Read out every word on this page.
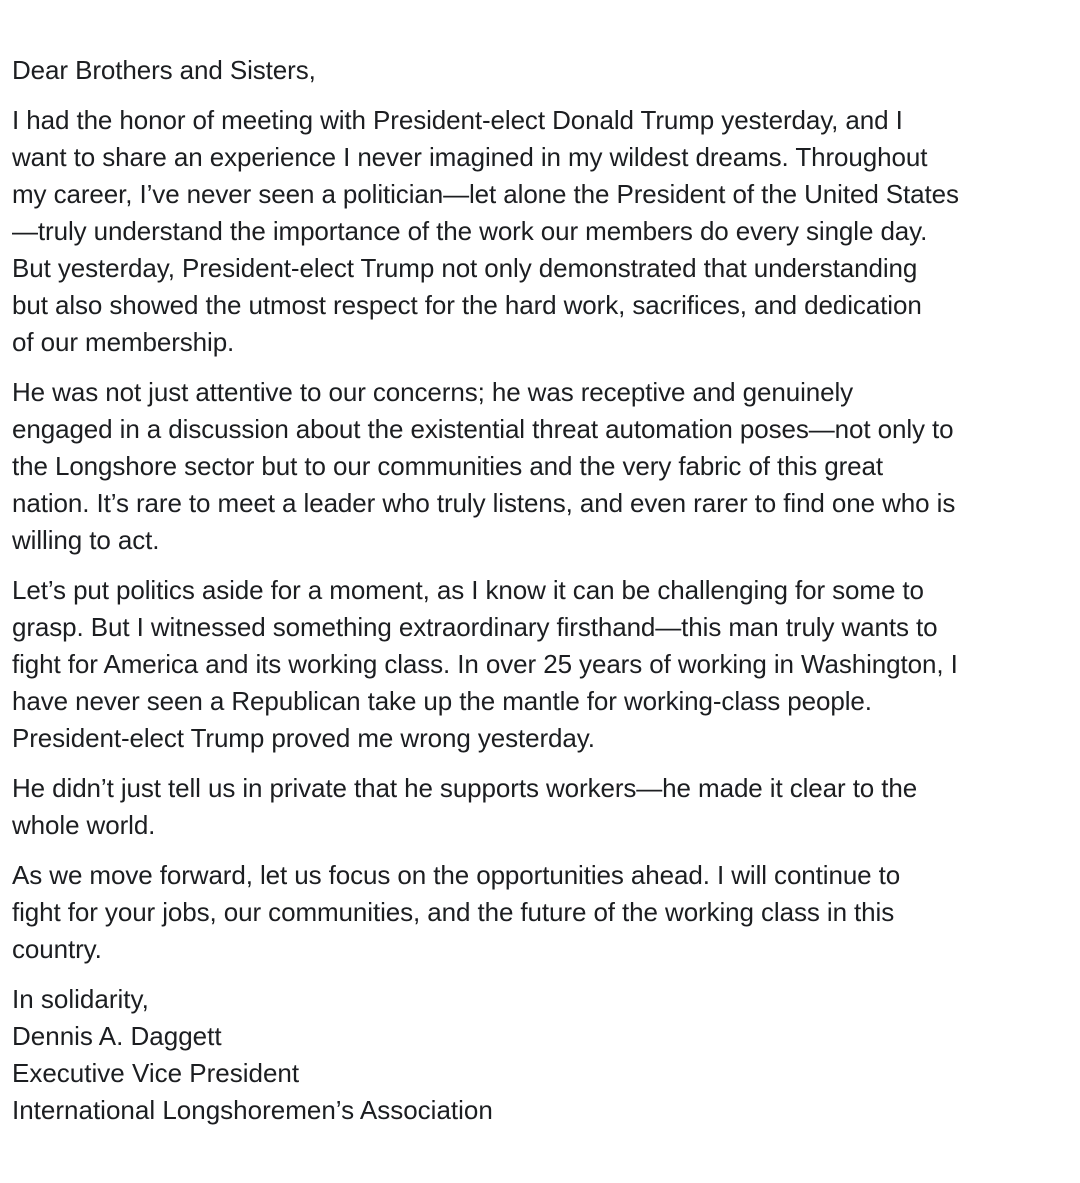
Dear Brothers and Sisters,

I had the honor of meeting with President-elect Donald Trump yesterday, and I
want to share an experience I never imagined in my wildest dreams. Throughout
my career, I’ve never seen a politician—let alone the President of the United States
—truly understand the importance of the work our members do every single day.
But yesterday, President-elect Trump not only demonstrated that understanding
but also showed the utmost respect for the hard work, sacrifices, and dedication
of our membership.

He was not just attentive to our concerns; he was receptive and genuinely
engaged in a discussion about the existential threat automation poses—not only to
the Longshore sector but to our communities and the very fabric of this great
nation. It’s rare to meet a leader who truly listens, and even rarer to find one who is
willing to act.

Let’s put politics aside for a moment, as I know it can be challenging for some to
grasp. But I witnessed something extraordinary firsthand—this man truly wants to
fight for America and its working class. In over 25 years of working in Washington, I
have never seen a Republican take up the mantle for working-class people.
President-elect Trump proved me wrong yesterday.

He didn’t just tell us in private that he supports workers—he made it clear to the
whole world.

As we move forward, let us focus on the opportunities ahead. I will continue to
fight for your jobs, our communities, and the future of the working class in this
country.

In solidarity,
Dennis A. Daggett
Executive Vice President
International Longshoremen’s Association
